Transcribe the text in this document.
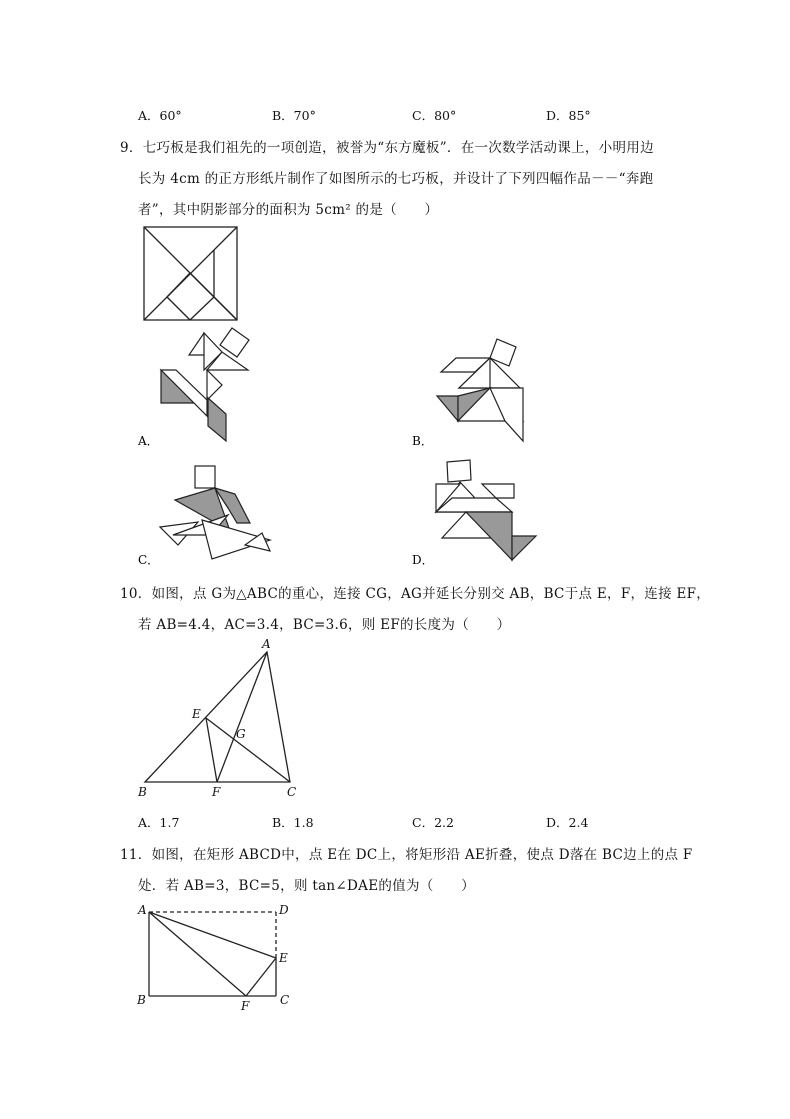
A．60°	B．70°	C．80°	D．85°
9．七巧板是我们祖先的一项创造，被誉为“东方魔板”．在一次数学活动课上，小明用边
长为 4cm 的正方形纸片制作了如图所示的七巧板，并设计了下列四幅作品－－“奔跑
者”，其中阴影部分的面积为 5cm² 的是（　　）
A．	B．
C．	D．
10．如图，点 G为△ABC的重心，连接 CG，AG并延长分别交 AB，BC于点 E，F，连接 EF，
若 AB=4.4，AC=3.4，BC=3.6，则 EF的长度为（　　）
A
B	C
E
F
G
A．1.7	B．1.8	C．2.2	D．2.4
11．如图，在矩形 ABCD中，点 E在 DC上，将矩形沿 AE折叠，使点 D落在 BC边上的点 F
处．若 AB=3，BC=5，则 tan∠DAE的值为（　　）
A	D
E
B	F	C
